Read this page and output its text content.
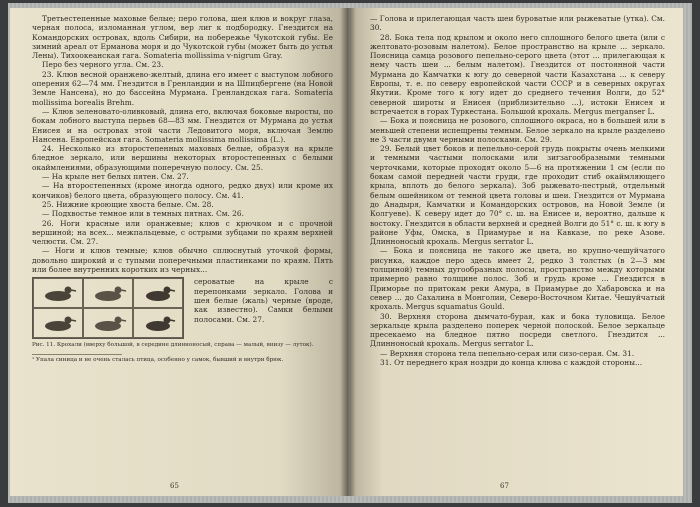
Третьестепенные маховые белые; перо голова, шея клюв и вокруг глаза, черная полоса, изломанная углом, вер лиг к подбородку. Гнездится на Командорских островах, вдоль Сибири, на побережье Чукотской губы. Ее зимний ареал от Ерманова моря и до Чукотской губы (может быть до устья Лены). Тихоокеанская гага. Somateria mollissima v-nigrum Gray.

Перо без черного угла. См. 23.

23. Клюв весной оранжево-желтый, длина его имеет с выступом лобного оперения 62—74 мм. Гнездится в Гренландии и на Шпицбергене (на Новой Земле Нансена), но до бассейна Мурмана. Гренландская гага. Somateria mollissima borealis Brehm.

— Клюв зеленовато-оливковый, длина его, включая боковые выросты, по бокам лобного выступа перьев 68—83 мм. Гнездится от Мурмана до устья Енисея и на островах этой части Ледовитого моря, включая Землю Нансена. Европейская гага. Somateria mollissima mollissima (L.).

24. Несколько из второстепенных маховых белые, образуя на крыле бледное зеркало, или вершины некоторых второстепенных с белыми окаймлениями, образующими поперечную полосу. См. 25.

— На крыле нет белых пятен. См. 27.

— На второстепенных (кроме иногда одного, редко двух) или кроме их кончиков) белого цвета, образующего полосу. См. 41.

25. Нижние кроющие хвоста белые. См. 28.

— Подхвостье темное или в темных пятнах. См. 26.

26. Ноги красные или оранжевые; клюв с крючком и с прочной вершиной; на всех... межпальцевые, с острыми зубцами по краям верхней челюсти. См. 27.

— Ноги и клюв темные; клюв обычно сплюснутый уточкой формы, довольно широкий и с тупыми поперечными пластинками по краям. Пять или более внутренних коротких из черных...

сероватые на крыле с перепонками зеркало. Голова и шея белые (жаль) черные (вроде, как известно). Самки белыми полосами. См. 27.
Рис. 11. Крохали (вверху большой, в середине длинноносый, справа — малый, внизу — луток).
¹ Упала синица и не очень сталась птица, особенно у самок, бывший и внутри брюк.
65

— Голова и прилегающая часть шеи буроватые или рыжеватые (утка). См. 30.

28. Бока тела под крылом и около него сплошного белого цвета (или с желтовато-розовым налетом). Белое пространство на крыле ... зеркало. Поясница самца розового пепельно-серого цвета (этот ... прилегающая к нему часть шеи ... белым налетом). Гнездится от постоянной части Мурмана до Камчатки к югу до северной части Казахстана ... к северу Европы, т. е. по северу европейской части СССР и в северных округах Якутии. Кроме того к югу идет до среднего течения Волги, до 52° северной широты и Енисея (приблизительно ...), истоки Енисея и встречается в горах Туркестана. Большой крохаль. Mergus merganser L.

— Бока и поясница не розового, сплошного окраса, но в большей или в меньшей степени испещрены темным. Белое зеркало на крыле разделено не 3 части двумя черными полосками. См. 29.

29. Белый цвет боков и пепельно-серой грудь покрыты очень мелкими и темными частыми полосками или зигзагообразными темными черточками, которые проходят около 5—6 на протяжении 1 см (если по бокам самой передней части груди, где проходит стиб окаймляющего крыла, вплоть до белого зеркала). Зоб рыжевато-пестрый, отдельный белым ошейником от темной цвета головы и шеи. Гнездится от Мурмана до Анадыря, Камчатки и Командорских островов, на Новой Земле (и Колгуеве). К северу идет до 70° с. ш. на Енисее и, вероятно, дальше к востоку. Гнездится в области верхней и средней Волги до 51° с. ш. к югу в районе Уфы, Омска, в Приамурье и на Кавказе, по реке Азове. Длинноносый крохаль. Mergus serrator L.

— Бока и поясница не такого же цвета, но крупно-чешуйчатого рисунка, каждое перо здесь имеет 2, редко 3 толстых (в 2—3 мм толщиной) темных дугообразных полосы, пространство между которыми примерно равно толщине полос. Зоб и грудь кроме ... Гнездится в Приморье по притокам реки Амура, в Приамурье до Хабаровска и на север ... до Сахалина в Монголии, Северо-Восточном Китае. Чешуйчатый крохаль. Mergus squamatus Gould.

30. Верхняя сторона дымчато-бурая, как и бока туловища. Белое зеркальце крыла разделено поперек черной полоской. Белое зеркальце пресекаемо на бледное пятно посреди светлого. Гнездится ... Длинноносый крохаль. Mergus serrator L.

— Верхняя сторона тела пепельно-серая или сизо-серая. См. 31.

31. От переднего края ноздри до конца клюва с каждой стороны...

67
